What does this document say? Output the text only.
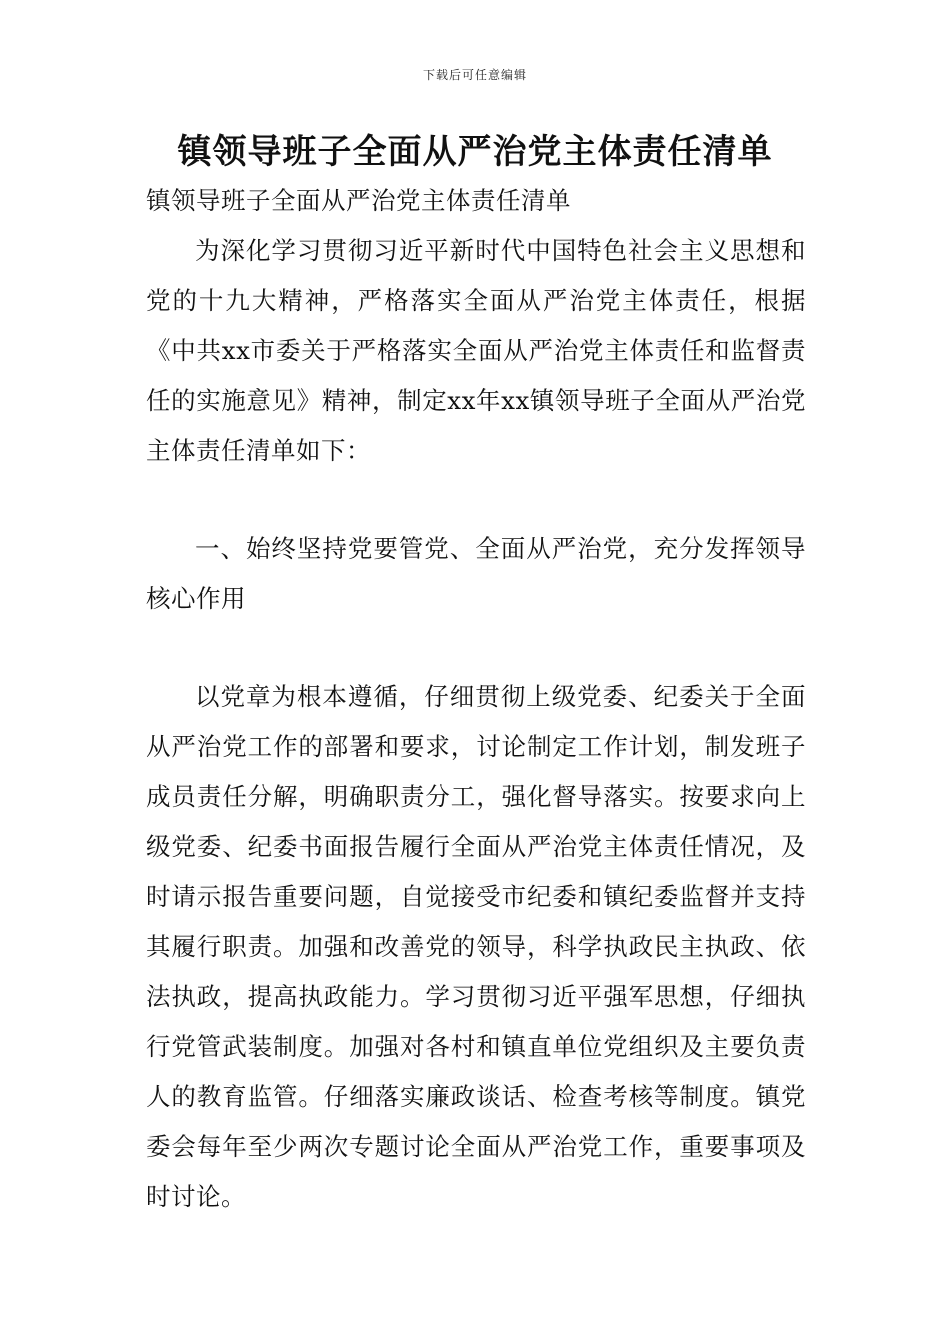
下载后可任意编辑
镇领导班子全面从严治党主体责任清单

镇领导班子全面从严治党主体责任清单

为深化学习贯彻习近平新时代中国特色社会主义思想和党的十九大精神，严格落实全面从严治党主体责任，根据《中共xx市委关于严格落实全面从严治党主体责任和监督责任的实施意见》精神，制定xx年xx镇领导班子全面从严治党主体责任清单如下：

一、始终坚持党要管党、全面从严治党，充分发挥领导核心作用

以党章为根本遵循，仔细贯彻上级党委、纪委关于全面从严治党工作的部署和要求，讨论制定工作计划，制发班子成员责任分解，明确职责分工，强化督导落实。按要求向上级党委、纪委书面报告履行全面从严治党主体责任情况，及时请示报告重要问题，自觉接受市纪委和镇纪委监督并支持其履行职责。加强和改善党的领导，科学执政民主执政、依法执政，提高执政能力。学习贯彻习近平强军思想，仔细执行党管武装制度。加强对各村和镇直单位党组织及主要负责人的教育监管。仔细落实廉政谈话、检查考核等制度。镇党委会每年至少两次专题讨论全面从严治党工作，重要事项及时讨论。
